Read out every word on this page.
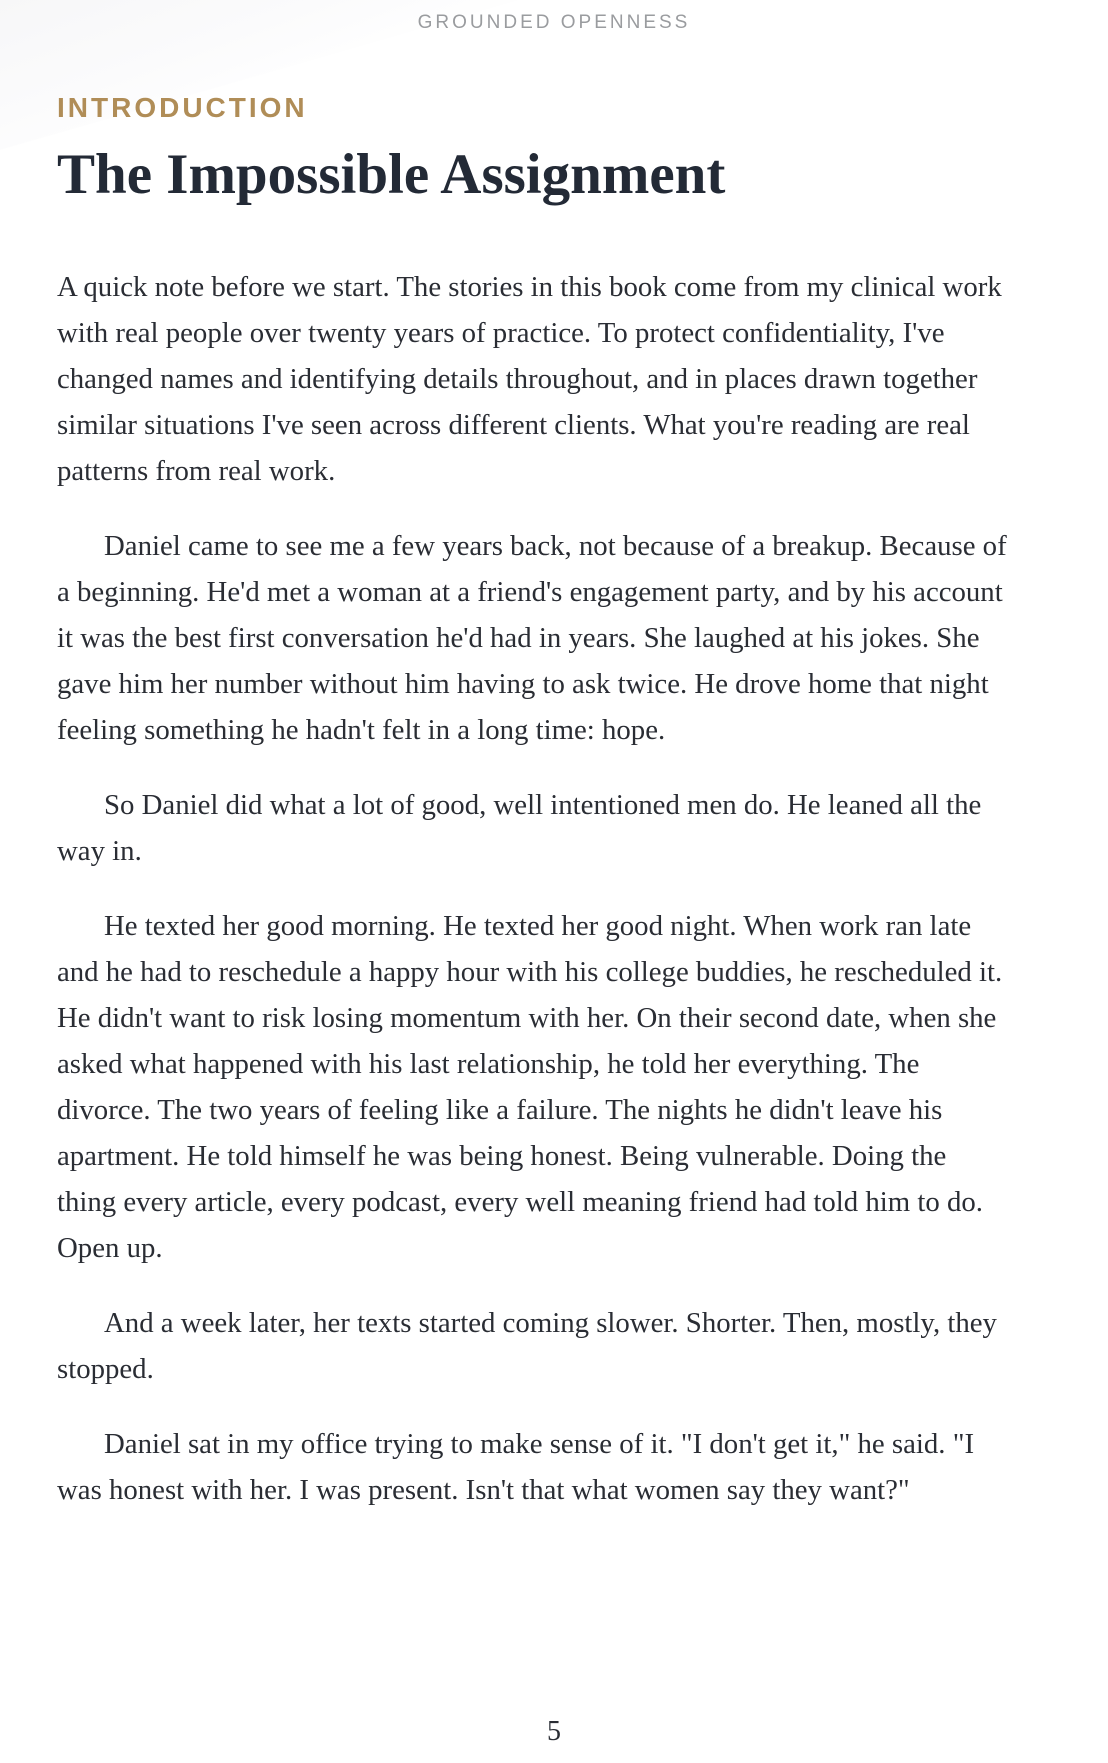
GROUNDED OPENNESS
INTRODUCTION
The Impossible Assignment

A quick note before we start. The stories in this book come from my clinical work with real people over twenty years of practice. To protect confidentiality, I've changed names and identifying details throughout, and in places drawn together similar situations I've seen across different clients. What you're reading are real patterns from real work.

Daniel came to see me a few years back, not because of a breakup. Because of a beginning. He'd met a woman at a friend's engagement party, and by his account it was the best first conversation he'd had in years. She laughed at his jokes. She gave him her number without him having to ask twice. He drove home that night feeling something he hadn't felt in a long time: hope.

So Daniel did what a lot of good, well intentioned men do. He leaned all the way in.

He texted her good morning. He texted her good night. When work ran late and he had to reschedule a happy hour with his college buddies, he rescheduled it. He didn't want to risk losing momentum with her. On their second date, when she asked what happened with his last relationship, he told her everything. The divorce. The two years of feeling like a failure. The nights he didn't leave his apartment. He told himself he was being honest. Being vulnerable. Doing the thing every article, every podcast, every well meaning friend had told him to do. Open up.

And a week later, her texts started coming slower. Shorter. Then, mostly, they stopped.

Daniel sat in my office trying to make sense of it. "I don't get it," he said. "I was honest with her. I was present. Isn't that what women say they want?"

5
